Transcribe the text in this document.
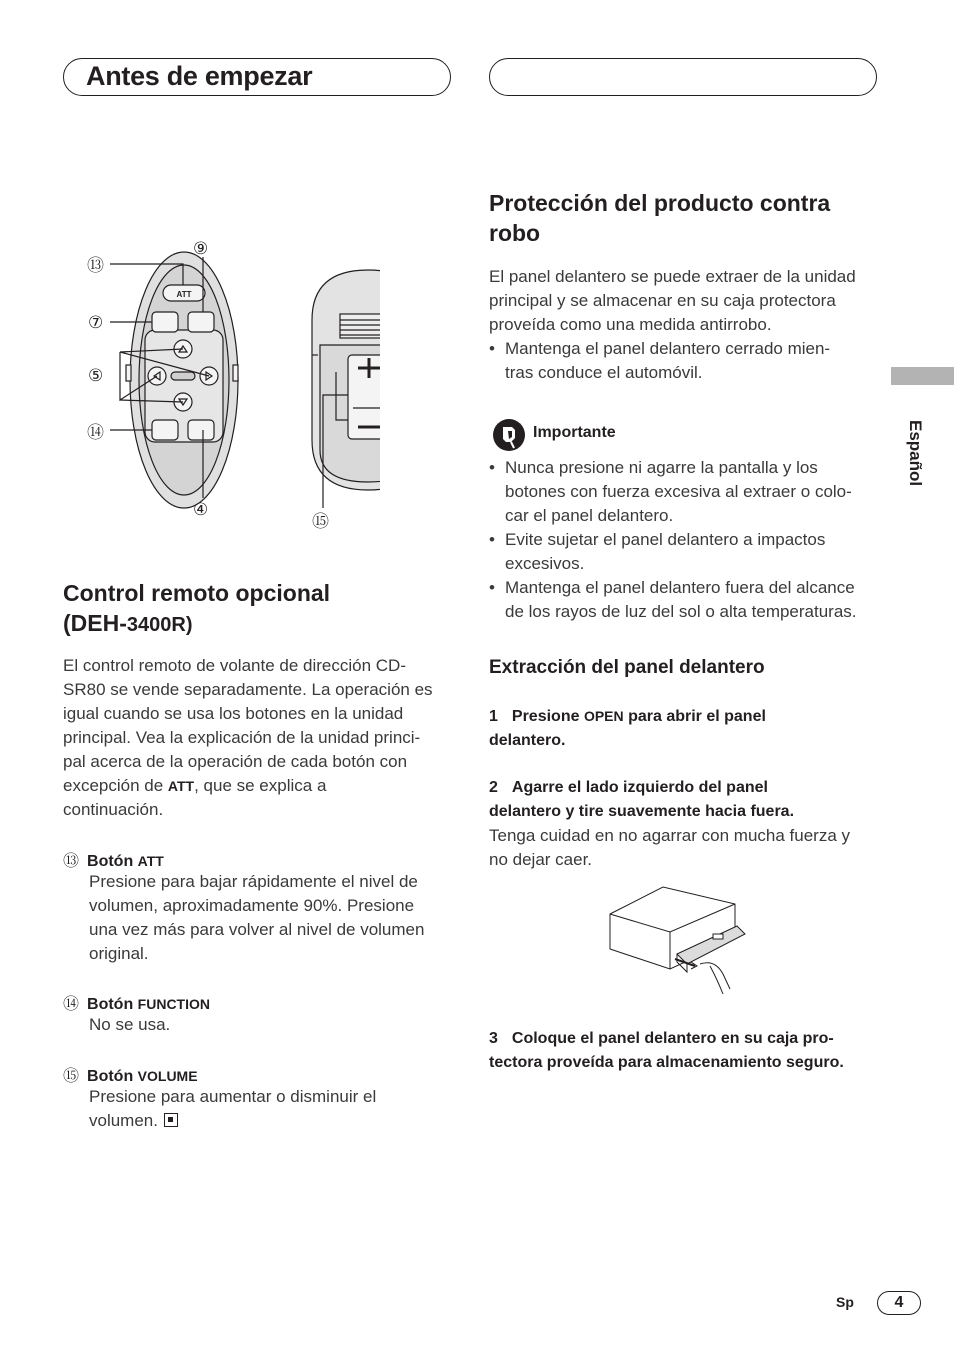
Antes de empezar
Español
ATT
⑬
⑨
⑦
⑤
⑭
④
⑮
Control remoto opcional
(DEH-3400R)
El control remoto de volante de dirección CD-
SR80 se vende separadamente. La operación es
igual cuando se usa los botones en la unidad
principal. Vea la explicación de la unidad princi-
pal acerca de la operación de cada botón con
excepción de ATT, que se explica a
continuación.
⑬ Botón ATT
Presione para bajar rápidamente el nivel de
volumen, aproximadamente 90%. Presione
una vez más para volver al nivel de volumen
original.
⑭ Botón FUNCTION
No se usa.
⑮ Botón VOLUME
Presione para aumentar o disminuir el
volumen.
Protección del producto contra
robo
El panel delantero se puede extraer de la unidad
principal y se almacenar en su caja protectora
proveída como una medida antirrobo.
• Mantenga el panel delantero cerrado mien-
tras conduce el automóvil.
Importante
• Nunca presione ni agarre la pantalla y los
botones con fuerza excesiva al extraer o colo-
car el panel delantero.
• Evite sujetar el panel delantero a impactos
excesivos.
• Mantenga el panel delantero fuera del alcance
de los rayos de luz del sol o alta temperaturas.
Extracción del panel delantero
1 Presione OPEN para abrir el panel
delantero.
2 Agarre el lado izquierdo del panel
delantero y tire suavemente hacia fuera.
Tenga cuidad en no agarrar con mucha fuerza y
no dejar caer.
3 Coloque el panel delantero en su caja pro-
tectora proveída para almacenamiento seguro.
Sp	4
